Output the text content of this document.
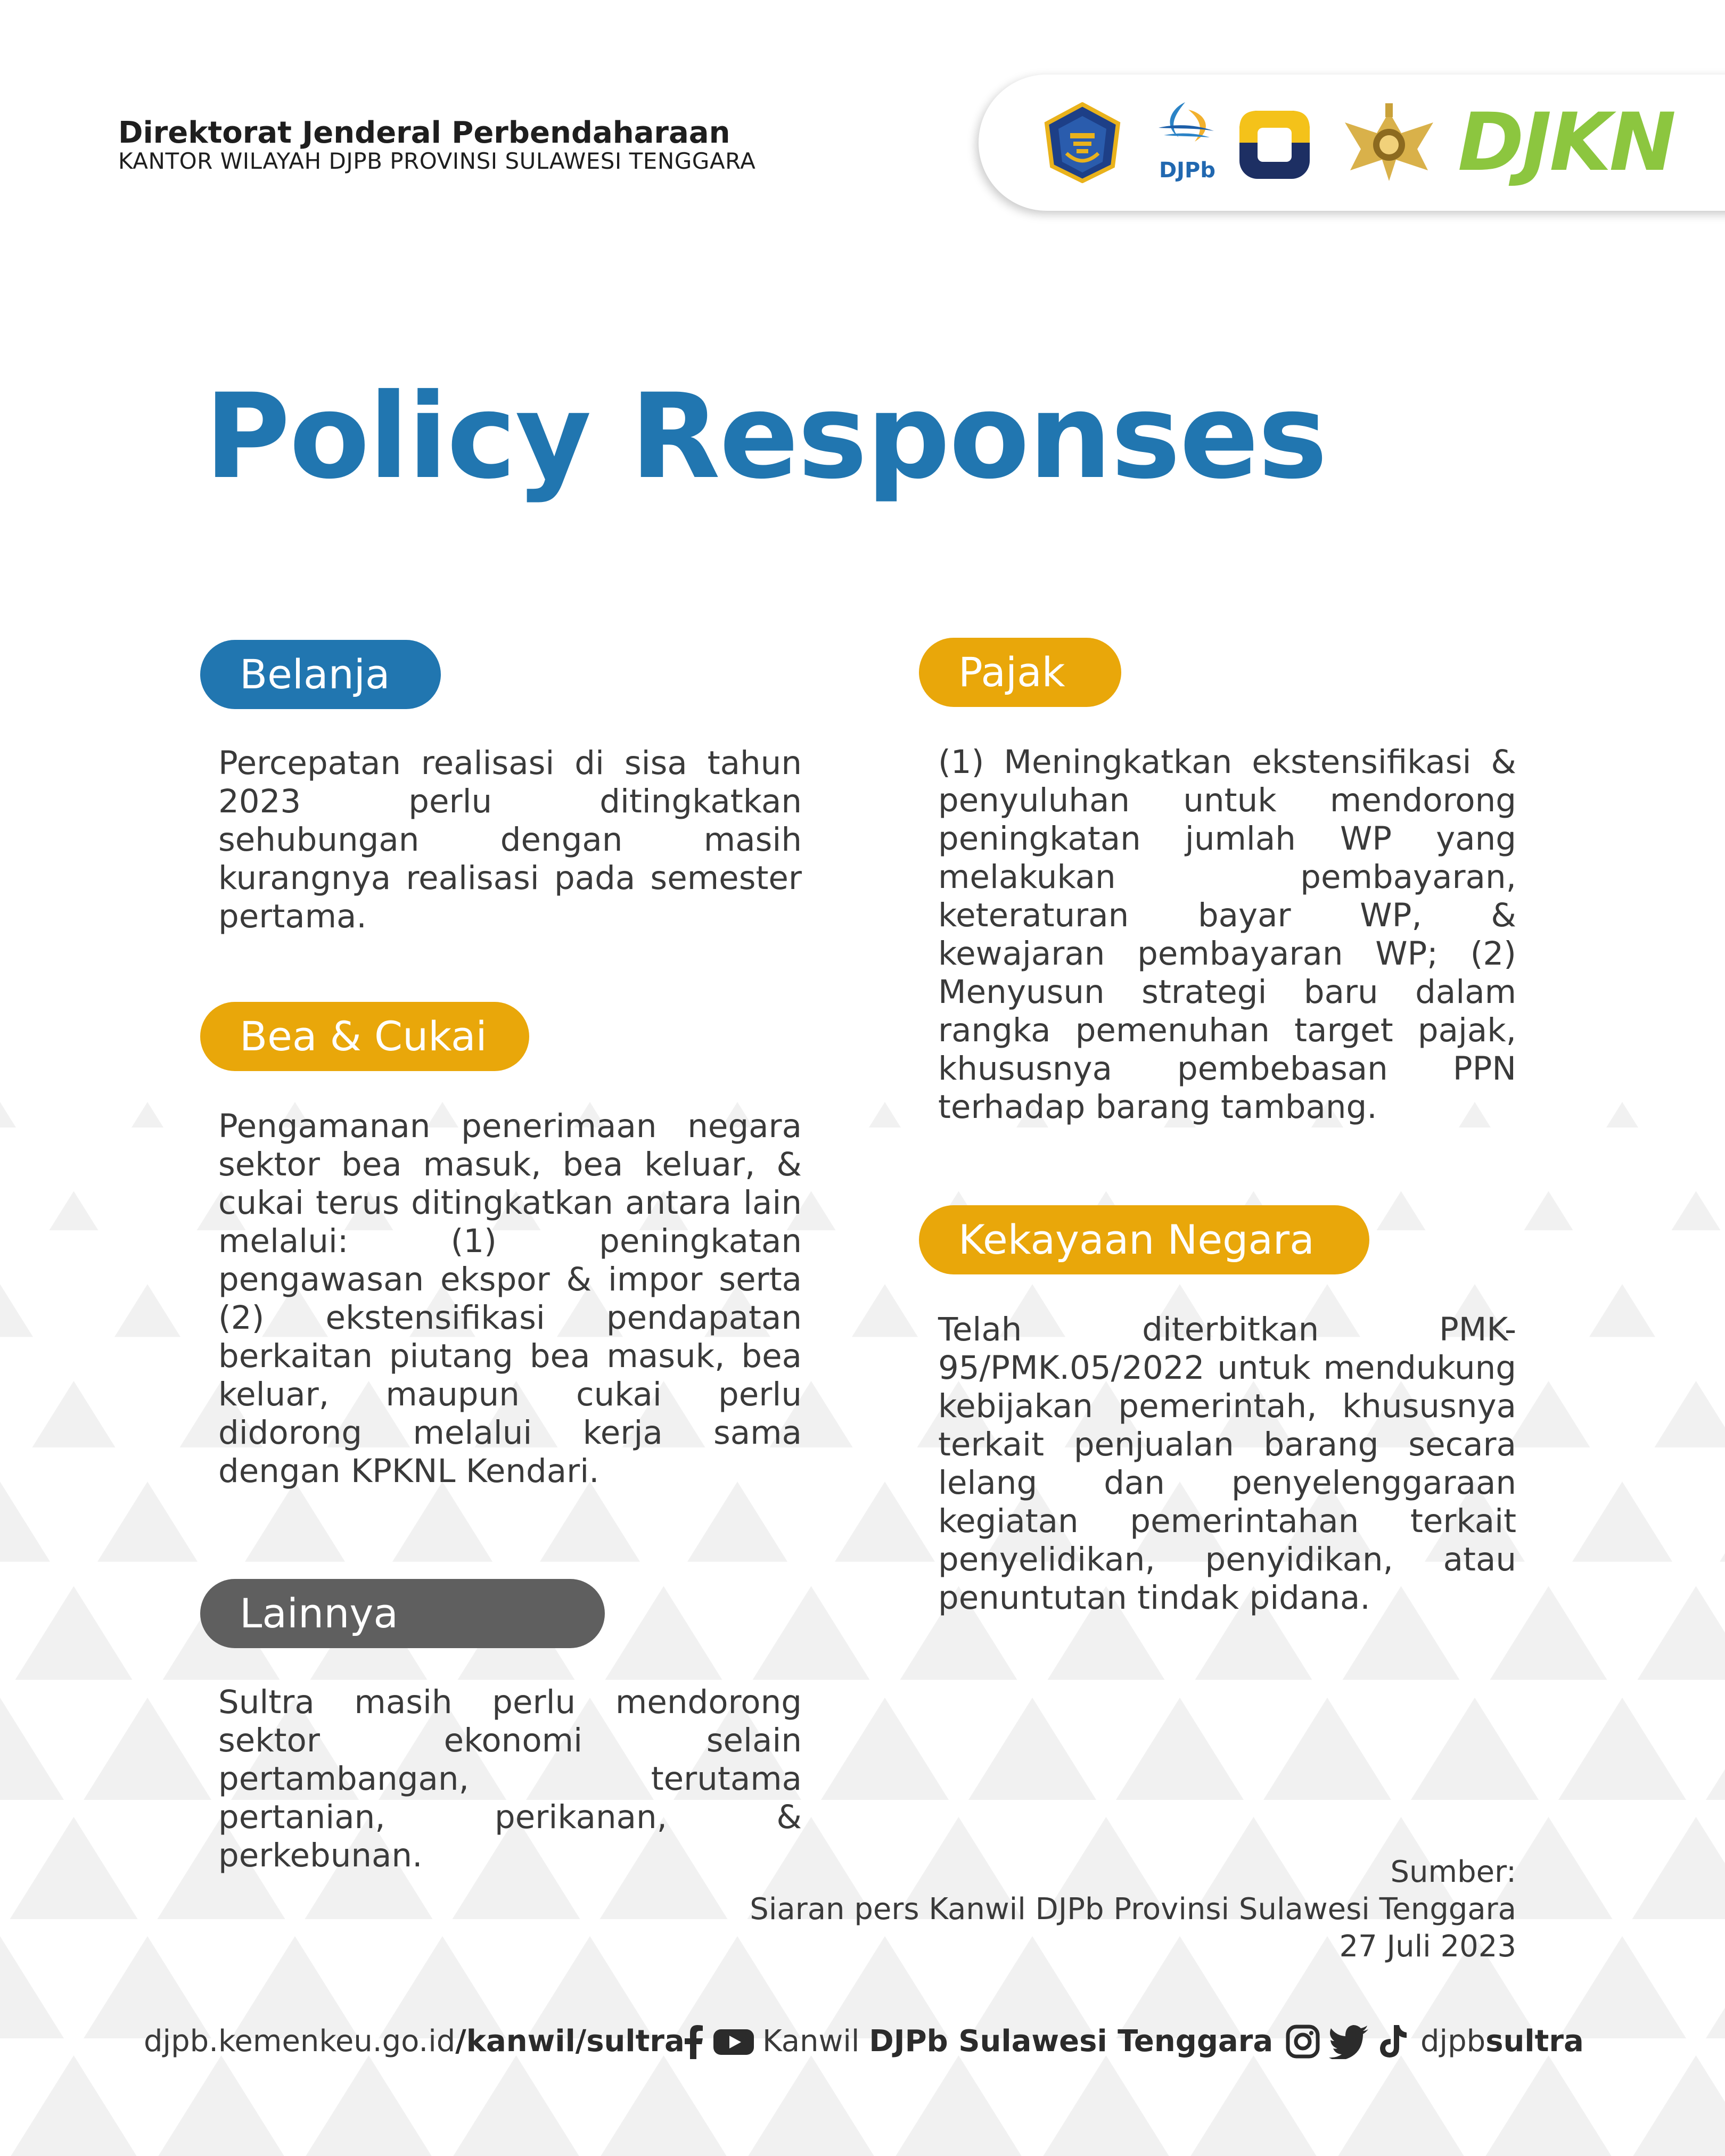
Direktorat Jenderal Perbendaharaan
KANTOR WILAYAH DJPB PROVINSI SULAWESI TENGGARA	DJPb	DJKN
Policy Responses
Belanja
Percepatan realisasi di sisa tahun 2023 perlu ditingkatkan sehubungan dengan masih kurangnya realisasi pada semester pertama.
Bea & Cukai
Pengamanan penerimaan negara sektor bea masuk, bea keluar, & cukai terus ditingkatkan antara lain melalui: (1) peningkatan pengawasan ekspor & impor serta (2) ekstensifikasi pendapatan berkaitan piutang bea masuk, bea keluar, maupun cukai perlu didorong melalui kerja sama dengan KPKNL Kendari.
Lainnya
Sultra masih perlu mendorong sektor ekonomi selain pertambangan, terutama pertanian, perikanan, & perkebunan.
Pajak
(1) Meningkatkan ekstensifikasi & penyuluhan untuk mendorong peningkatan jumlah WP yang melakukan pembayaran, keteraturan bayar WP, & kewajaran pembayaran WP; (2) Menyusun strategi baru dalam rangka pemenuhan target pajak, khususnya pembebasan PPN terhadap barang tambang.
Kekayaan Negara
Telah diterbitkan PMK-95/PMK.05/2022 untuk mendukung kebijakan pemerintah, khususnya terkait penjualan barang secara lelang dan penyelenggaraan kegiatan pemerintahan terkait penyelidikan, penyidikan, atau penuntutan tindak pidana.
Sumber:
Siaran pers Kanwil DJPb Provinsi Sulawesi Tenggara
27 Juli 2023
djpb.kemenkeu.go.id/kanwil/sultra	Kanwil DJPb Sulawesi Tenggara	djpb sultra
